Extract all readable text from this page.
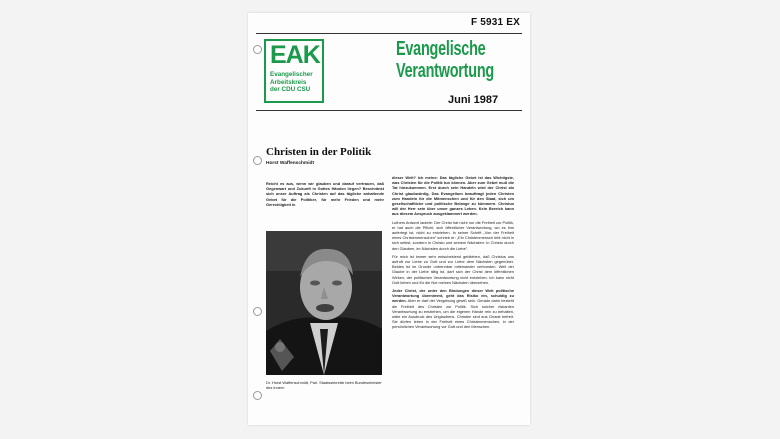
F 5931 EX
EAK
Evangelischer
Arbeitskreis
der CDU CSU
Evangelische
Verantwortung
Juni 1987
Christen in der Politik
Horst Waffenschmidt

Reicht es aus, wenn wir glauben und darauf vertrauen, daß Gegenwart und Zukunft in Gottes Händen liegen? Beschränkt sich unser Auftrag als Christen auf das tägliche anhaltende Gebet für die Politiker, für mehr Frieden und mehr Gerechtigkeit in

Dr. Horst Waffenschmidt, Parl. Staatssekretär beim Bundesminister des Innern

dieser Welt? Ich meine: Das tägliche Gebet ist das Wichtigste, was Christen für die Politik tun können. Aber zum Gebet muß die Tat hinzukommen. Erst durch sein Handeln wird der Christ als Christ glaubwürdig. Das Evangelium beauftragt jeden Christen zum Handeln für die Mitmenschen und für den Staat, sich um gesellschaftliche und politische Belange zu kümmern. Christus will der Herr sein über unser ganzes Leben. Kein Bereich kann aus diesem Anspruch ausgeklammert werden.

Luthers Antwort lautete: Der Christ hat nicht nur die Freiheit zur Politik, er hat auch die Pflicht, sich öffentlicher Verantwortung, wo es ihm aufertegt ist, nicht zu entziehen. In seiner Schrift „Von der Freiheit eines Christenmenschen" schrieb er: „Ein Christenmensch lebt nicht in sich selbst, sondern in Christo und seinem Nächsten: In Christo durch den Glauben, im Nächsten durch die Liebe".

Für mich ist immer sehr entscheidend geblieben, daß Christus uns aufruft zur Liebe zu Gott und zur Liebe dem Nächsten gegenüber. Beides ist im Grunde untrennbar miteinander verbunden. Weil der Glaube in der Liebe tätig ist, darf sich der Christ dem öffentlichen Wirken, der politischen Verantwortung nicht entziehen. Ich kann nicht Gott lieben und für die Not meines Nächsten übersehen.

Jeder Christ, der unter den Bindungen dieser Welt politische Verantwortung übernimmt, geht das Risiko ein, schuldig zu werden. Aber er darf der Vergebung gewiß sein. Gerade darin besteht die Freiheit des Christen zur Politik. Sich solcher riskanten Verantwortung zu entziehen, um die eigenen Hände rein zu behalten, wäre ein Ausdruck des Unglaubens. Christen sind aus Gnade befreit. Sie dürfen leben in der Freiheit eines Christenmenschen, in der persönlichen Verantwortung vor Gott und den Menschen.
